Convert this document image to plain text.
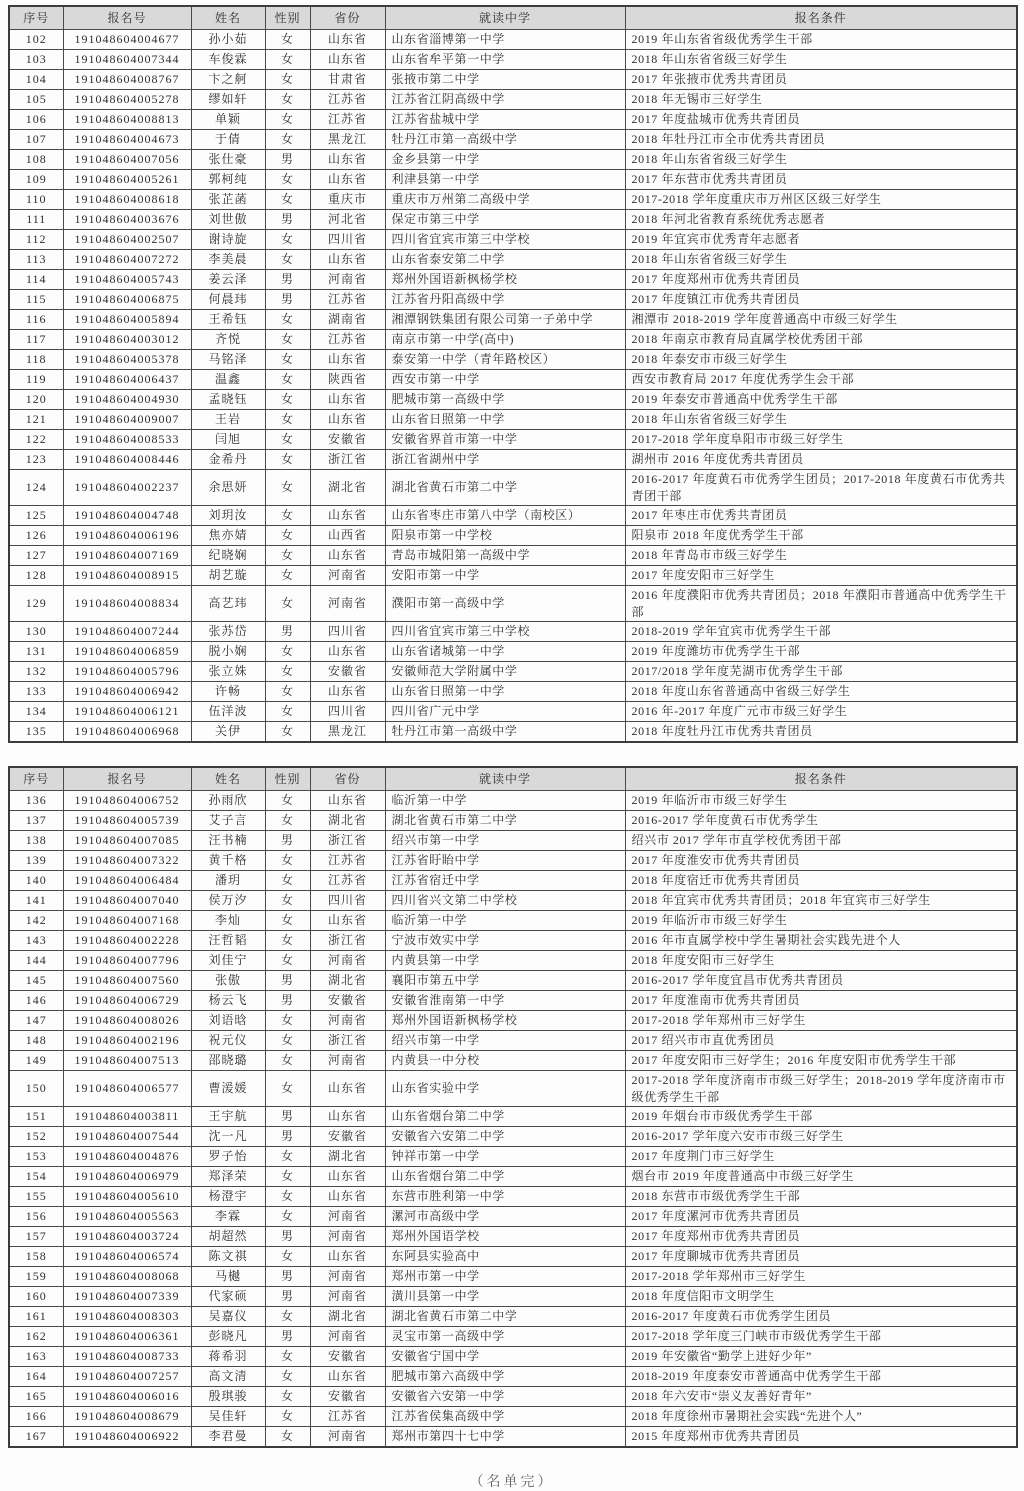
序号	报名号	姓名	性别	省份	就读中学	报名条件
102	191048604004677	孙小茹	女	山东省	山东省淄博第一中学	2019 年山东省省级优秀学生干部
103	191048604007344	车俊霖	女	山东省	山东省牟平第一中学	2018 年山东省省级三好学生
104	191048604008767	卞之舸	女	甘肃省	张掖市第二中学	2017 年张掖市优秀共青团员
105	191048604005278	缪如轩	女	江苏省	江苏省江阴高级中学	2018 年无锡市三好学生
106	191048604008813	单颖	女	江苏省	江苏省盐城中学	2017 年度盐城市优秀共青团员
107	191048604004673	于倩	女	黑龙江	牡丹江市第一高级中学	2018 年牡丹江市全市优秀共青团员
108	191048604007056	张仕豪	男	山东省	金乡县第一中学	2018 年山东省省级三好学生
109	191048604005261	郭柯纯	女	山东省	利津县第一中学	2017 年东营市优秀共青团员
110	191048604008618	张芷菡	女	重庆市	重庆市万州第二高级中学	2017-2018 学年度重庆市万州区区级三好学生
111	191048604003676	刘世傲	男	河北省	保定市第三中学	2018 年河北省教育系统优秀志愿者
112	191048604002507	谢诗旋	女	四川省	四川省宜宾市第三中学校	2019 年宜宾市优秀青年志愿者
113	191048604007272	李美晨	女	山东省	山东省泰安第二中学	2018 年山东省省级三好学生
114	191048604005743	姜云泽	男	河南省	郑州外国语新枫杨学校	2017 年度郑州市优秀共青团员
115	191048604006875	何晨玮	男	江苏省	江苏省丹阳高级中学	2017 年度镇江市优秀共青团员
116	191048604005894	王希钰	女	湖南省	湘潭钢铁集团有限公司第一子弟中学	湘潭市 2018-2019 学年度普通高中市级三好学生
117	191048604003012	齐悦	女	江苏省	南京市第一中学(高中)	2018 年南京市教育局直属学校优秀团干部
118	191048604005378	马铭泽	女	山东省	泰安第一中学（青年路校区）	2018 年泰安市市级三好学生
119	191048604006437	温鑫	女	陕西省	西安市第一中学	西安市教育局 2017 年度优秀学生会干部
120	191048604004930	孟晓钰	女	山东省	肥城市第一高级中学	2019 年泰安市普通高中优秀学生干部
121	191048604009007	王岩	女	山东省	山东省日照第一中学	2018 年山东省省级三好学生
122	191048604008533	闫旭	女	安徽省	安徽省界首市第一中学	2017-2018 学年度阜阳市市级三好学生
123	191048604008446	金希丹	女	浙江省	浙江省湖州中学	湖州市 2016 年度优秀共青团员
124	191048604002237	余思妍	女	湖北省	湖北省黄石市第二中学	2016-2017 年度黄石市优秀学生团员；2017-2018 年度黄石市优秀共青团干部
125	191048604004748	刘玥汝	女	山东省	山东省枣庄市第八中学（南校区）	2017 年枣庄市优秀共青团员
126	191048604006196	焦亦婧	女	山西省	阳泉市第一中学校	阳泉市 2018 年度优秀学生干部
127	191048604007169	纪晓娴	女	山东省	青岛市城阳第一高级中学	2018 年青岛市市级三好学生
128	191048604008915	胡艺璇	女	河南省	安阳市第一中学	2017 年度安阳市三好学生
129	191048604008834	高艺玮	女	河南省	濮阳市第一高级中学	2016 年度濮阳市优秀共青团员；2018 年濮阳市普通高中优秀学生干部
130	191048604007244	张苏岱	男	四川省	四川省宜宾市第三中学校	2018-2019 学年宜宾市优秀学生干部
131	191048604006859	脱小娴	女	山东省	山东省诸城第一中学	2019 年度潍坊市优秀学生干部
132	191048604005796	张立姝	女	安徽省	安徽师范大学附属中学	2017/2018 学年度芜湖市优秀学生干部
133	191048604006942	许畅	女	山东省	山东省日照第一中学	2018 年度山东省普通高中省级三好学生
134	191048604006121	伍洋波	女	四川省	四川省广元中学	2016 年-2017 年度广元市市级三好学生
135	191048604006968	关伊	女	黑龙江	牡丹江市第一高级中学	2018 年度牡丹江市优秀共青团员
序号	报名号	姓名	性别	省份	就读中学	报名条件
136	191048604006752	孙雨欣	女	山东省	临沂第一中学	2019 年临沂市市级三好学生
137	191048604005739	艾子言	女	湖北省	湖北省黄石市第二中学	2016-2017 学年度黄石市优秀学生
138	191048604007085	汪书楠	男	浙江省	绍兴市第一中学	绍兴市 2017 学年市直学校优秀团干部
139	191048604007322	黄千格	女	江苏省	江苏省盱眙中学	2017 年度淮安市优秀共青团员
140	191048604006484	潘玥	女	江苏省	江苏省宿迁中学	2018 年度宿迁市优秀共青团员
141	191048604007040	侯万汐	女	四川省	四川省兴文第二中学校	2018 年宜宾市优秀共青团员；2018 年宜宾市三好学生
142	191048604007168	李灿	女	山东省	临沂第一中学	2019 年临沂市市级三好学生
143	191048604002228	汪哲韬	女	浙江省	宁波市效实中学	2016 年市直属学校中学生暑期社会实践先进个人
144	191048604007796	刘佳宁	女	河南省	内黄县第一中学	2018 年度安阳市三好学生
145	191048604007560	张傲	男	湖北省	襄阳市第五中学	2016-2017 学年度宜昌市优秀共青团员
146	191048604006729	杨云飞	男	安徽省	安徽省淮南第一中学	2017 年度淮南市优秀共青团员
147	191048604008026	刘语晗	女	河南省	郑州外国语新枫杨学校	2017-2018 学年郑州市三好学生
148	191048604002196	祝元仪	女	浙江省	绍兴市第一中学	2017 绍兴市市直优秀团员
149	191048604007513	邵晓璐	女	河南省	内黄县一中分校	2017 年度安阳市三好学生；2016 年度安阳市优秀学生干部
150	191048604006577	曹湲媛	女	山东省	山东省实验中学	2017-2018 学年度济南市市级三好学生；2018-2019 学年度济南市市级优秀学生干部
151	191048604003811	王宇航	男	山东省	山东省烟台第二中学	2019 年烟台市市级优秀学生干部
152	191048604007544	沈一凡	男	安徽省	安徽省六安第二中学	2016-2017 学年度六安市市级三好学生
153	191048604004876	罗子怡	女	湖北省	钟祥市第一中学	2017 年度荆门市三好学生
154	191048604006979	郑泽荣	女	山东省	山东省烟台第二中学	烟台市 2019 年度普通高中市级三好学生
155	191048604005610	杨澄宇	女	山东省	东营市胜利第一中学	2018 东营市市级优秀学生干部
156	191048604005563	李霖	女	河南省	漯河市高级中学	2017 年度漯河市优秀共青团员
157	191048604003724	胡超然	男	河南省	郑州外国语学校	2017 年度郑州市优秀共青团员
158	191048604006574	陈文祺	女	山东省	东阿县实验高中	2017 年度聊城市优秀共青团员
159	191048604008068	马樾	男	河南省	郑州市第一中学	2017-2018 学年郑州市三好学生
160	191048604007339	代家硕	男	河南省	潢川县第一中学	2018 年度信阳市文明学生
161	191048604008303	吴嘉仪	女	湖北省	湖北省黄石市第二中学	2016-2017 年度黄石市优秀学生团员
162	191048604006361	彭晓凡	男	河南省	灵宝市第一高级中学	2017-2018 学年度三门峡市市级优秀学生干部
163	191048604008733	蒋希羽	女	安徽省	安徽省宁国中学	2019 年安徽省“勤学上进好少年”
164	191048604007257	高文清	女	山东省	肥城市第六高级中学	2018-2019 年度泰安市普通高中优秀学生干部
165	191048604006016	殷琪骏	女	安徽省	安徽省六安第一中学	2018 年六安市“崇义友善好青年”
166	191048604008679	吴佳轩	女	江苏省	江苏省侯集高级中学	2018 年度徐州市暑期社会实践“先进个人”
167	191048604006922	李君曼	女	河南省	郑州市第四十七中学	2015 年度郑州市优秀共青团员
（名单完）
